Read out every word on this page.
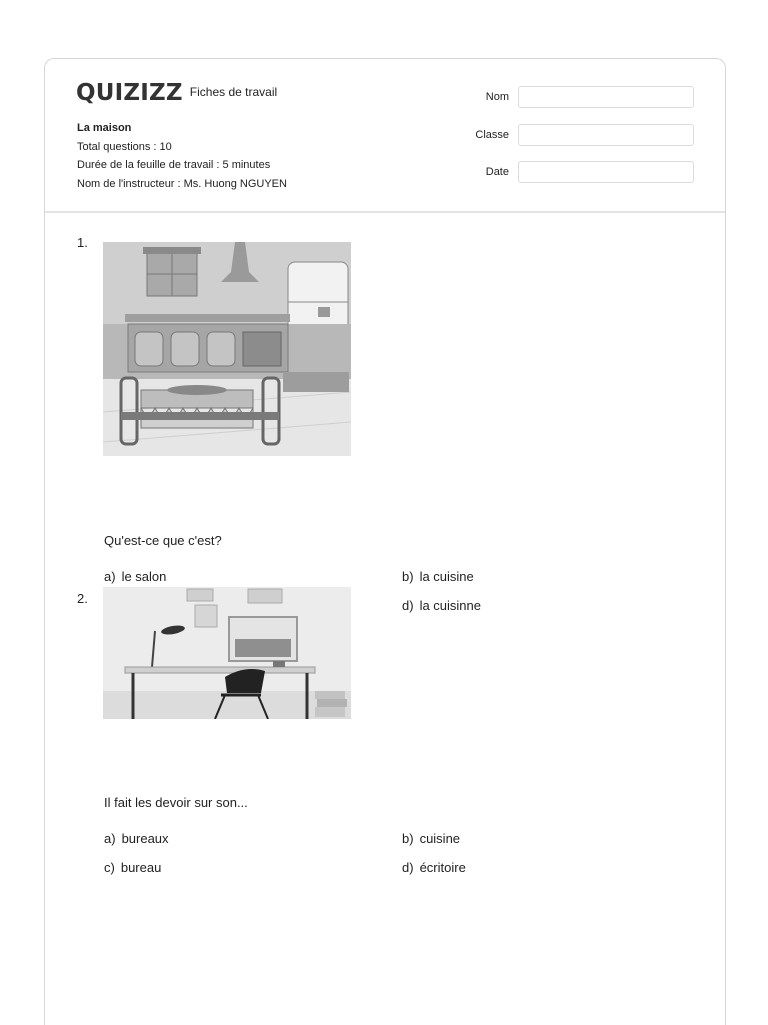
QUIZIZZ Fiches de travail
La maison
Total questions : 10
Durée de la feuille de travail : 5 minutes
Nom de l'instructeur : Ms. Huong NGUYEN
Nom
Classe
Date
1.
Qu'est-ce que c'est?
a) le salon	b) la cuisine
d) la cuisinne
2.
Il fait les devoir sur son...
a) bureaux	b) cuisine
c) bureau	d) écritoire
